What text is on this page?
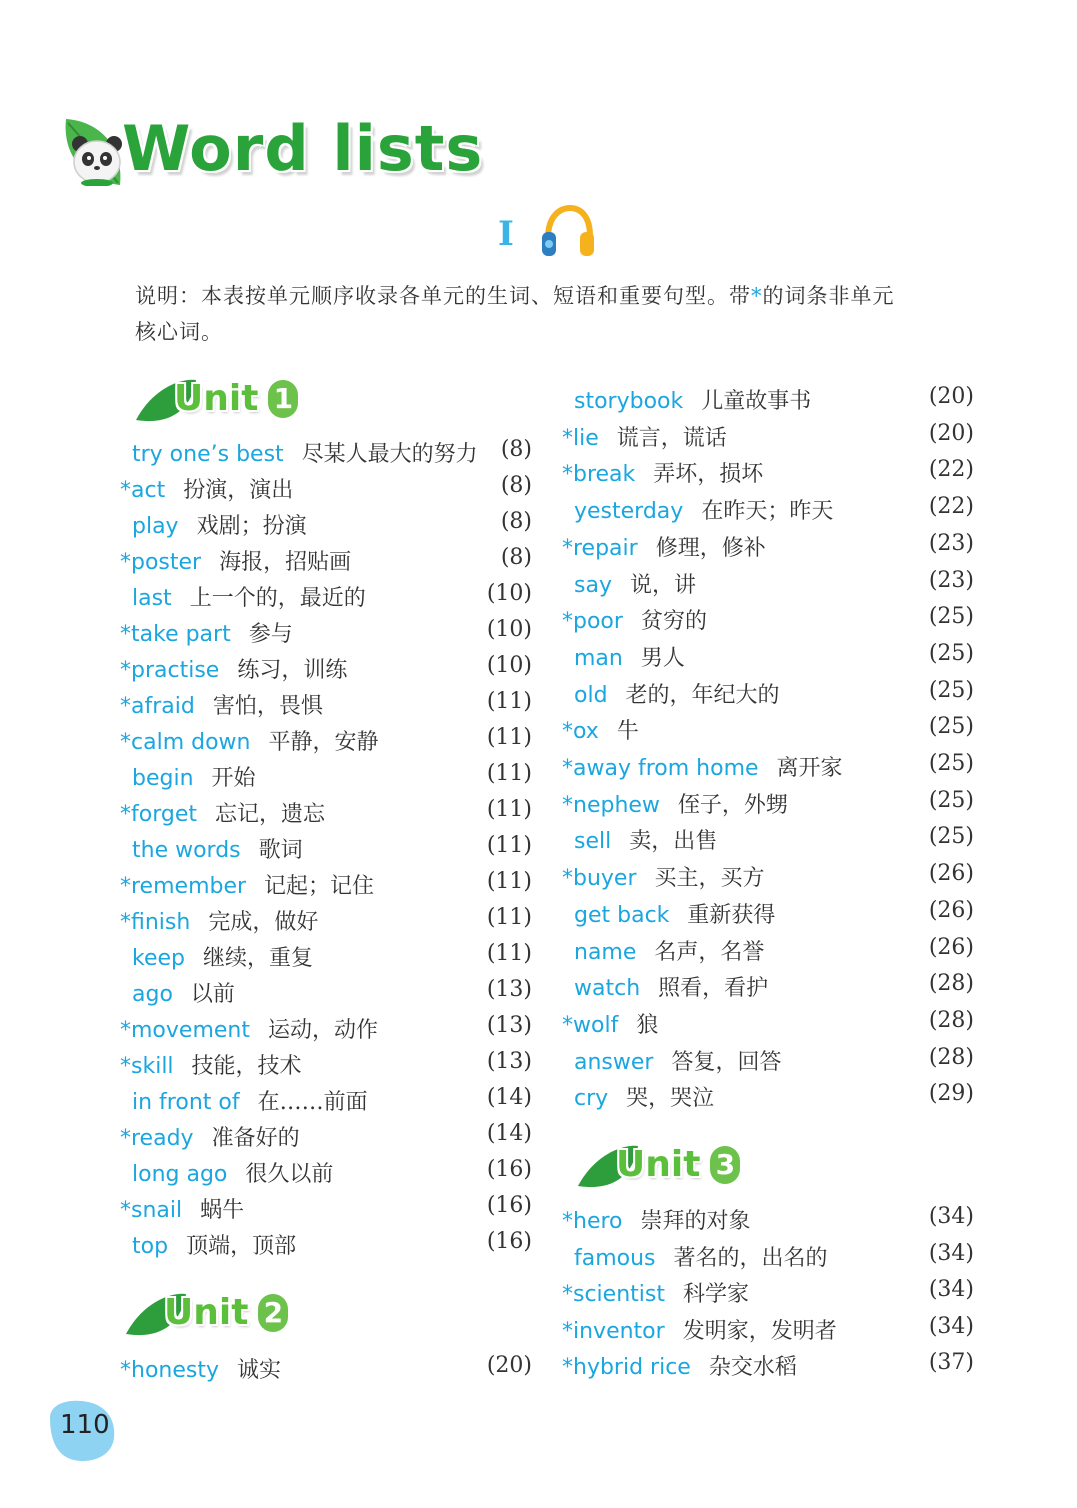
Word lists
I
说明：本表按单元顺序收录各单元的生词、短语和重要句型。带*的词条非单元
核心词。
Unit 1
Unit 2
Unit 3
try one’s best 尽某人最大的努力	(8)
*act 扮演，演出	(8)
play 戏剧；扮演	(8)
*poster 海报，招贴画	(8)
last 上一个的，最近的	(10)
*take part 参与	(10)
*practise 练习，训练	(10)
*afraid 害怕，畏惧	(11)
*calm down 平静，安静	(11)
begin 开始	(11)
*forget 忘记，遗忘	(11)
the words 歌词	(11)
*remember 记起；记住	(11)
*finish 完成，做好	(11)
keep 继续，重复	(11)
ago 以前	(13)
*movement 运动，动作	(13)
*skill 技能，技术	(13)
in front of 在……前面	(14)
*ready 准备好的	(14)
long ago 很久以前	(16)
*snail 蜗牛	(16)
top 顶端，顶部	(16)
*honesty 诚实	(20)
storybook 儿童故事书	(20)
*lie 谎言，谎话	(20)
*break 弄坏，损坏	(22)
yesterday 在昨天；昨天	(22)
*repair 修理，修补	(23)
say 说，讲	(23)
*poor 贫穷的	(25)
man 男人	(25)
old 老的，年纪大的	(25)
*ox 牛	(25)
*away from home 离开家	(25)
*nephew 侄子，外甥	(25)
sell 卖，出售	(25)
*buyer 买主，买方	(26)
get back 重新获得	(26)
name 名声，名誉	(26)
watch 照看，看护	(28)
*wolf 狼	(28)
answer 答复，回答	(28)
cry 哭，哭泣	(29)
*hero 崇拜的对象	(34)
famous 著名的，出名的	(34)
*scientist 科学家	(34)
*inventor 发明家，发明者	(34)
*hybrid rice 杂交水稻	(37)
110
